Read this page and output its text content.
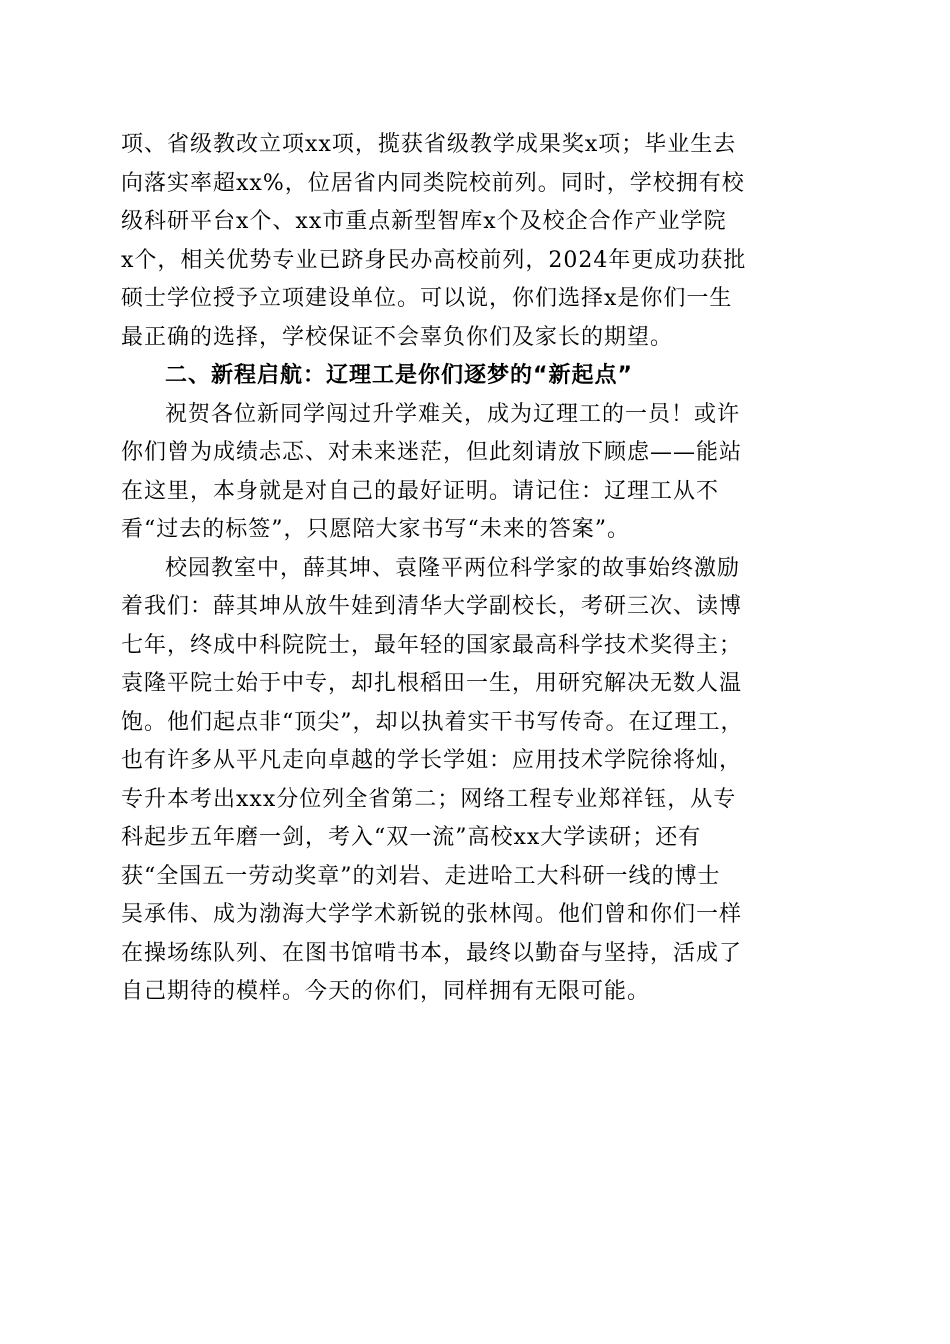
项、省级教改立项xx项，揽获省级教学成果奖x项；毕业生去
向落实率超xx%，位居省内同类院校前列。同时，学校拥有校
级科研平台x个、xx市重点新型智库x个及校企合作产业学院
x个，相关优势专业已跻身民办高校前列，2024年更成功获批
硕士学位授予立项建设单位。可以说，你们选择x是你们一生
最正确的选择，学校保证不会辜负你们及家长的期望。
二、新程启航：辽理工是你们逐梦的“新起点”
祝贺各位新同学闯过升学难关，成为辽理工的一员！或许
你们曾为成绩忐忑、对未来迷茫，但此刻请放下顾虑——能站
在这里，本身就是对自己的最好证明。请记住：辽理工从不
看“过去的标签”，只愿陪大家书写“未来的答案”。
校园教室中，薛其坤、袁隆平两位科学家的故事始终激励
着我们：薛其坤从放牛娃到清华大学副校长，考研三次、读博
七年，终成中科院院士，最年轻的国家最高科学技术奖得主；
袁隆平院士始于中专，却扎根稻田一生，用研究解决无数人温
饱。他们起点非“顶尖”，却以执着实干书写传奇。在辽理工，
也有许多从平凡走向卓越的学长学姐：应用技术学院徐将灿，
专升本考出xxx分位列全省第二；网络工程专业郑祥钰，从专
科起步五年磨一剑，考入“双一流”高校xx大学读研；还有
获“全国五一劳动奖章”的刘岩、走进哈工大科研一线的博士
吴承伟、成为渤海大学学术新锐的张林闯。他们曾和你们一样
在操场练队列、在图书馆啃书本，最终以勤奋与坚持，活成了
自己期待的模样。今天的你们，同样拥有无限可能。
